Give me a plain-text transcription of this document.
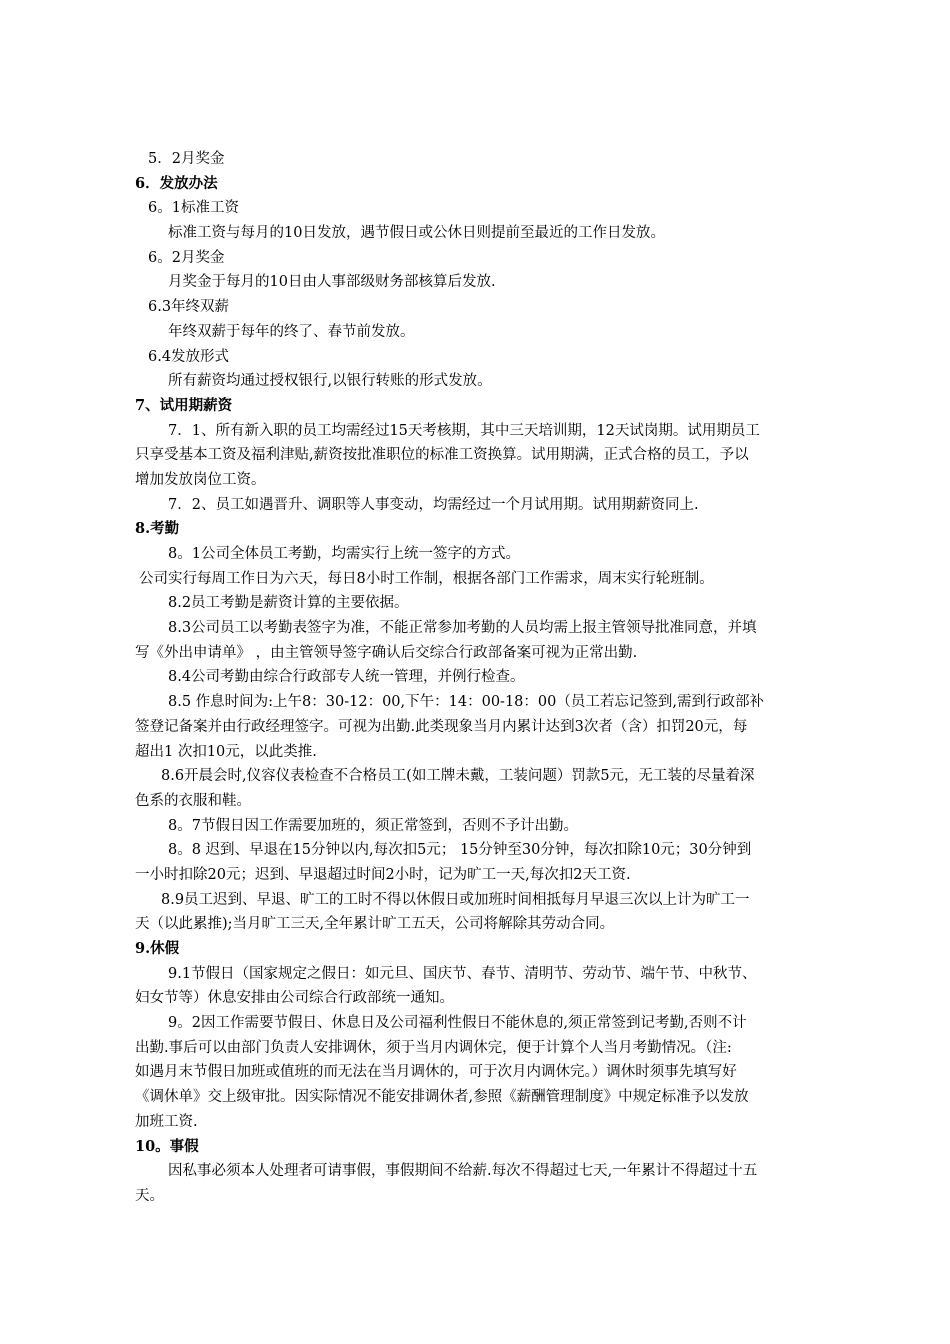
5．2月奖金
6．发放办法
6。1标准工资
标准工资与每月的10日发放，遇节假日或公休日则提前至最近的工作日发放。
6。2月奖金
月奖金于每月的10日由人事部级财务部核算后发放.
6.3年终双薪
年终双薪于每年的终了、春节前发放。
6.4发放形式
所有薪资均通过授权银行,以银行转账的形式发放。
7、试用期薪资
7．1、所有新入职的员工均需经过15天考核期，其中三天培训期，12天试岗期。试用期员工
只享受基本工资及福利津贴,薪资按批准职位的标准工资换算。试用期满，正式合格的员工，予以
增加发放岗位工资。
7．2、员工如遇晋升、调职等人事变动，均需经过一个月试用期。试用期薪资同上.
8.考勤
8。1公司全体员工考勤，均需实行上统一签字的方式。
公司实行每周工作日为六天，每日8小时工作制，根据各部门工作需求，周末实行轮班制。
8.2员工考勤是薪资计算的主要依据。
8.3公司员工以考勤表签字为准，不能正常参加考勤的人员均需上报主管领导批准同意，并填
写《外出申请单》 ，由主管领导签字确认后交综合行政部备案可视为正常出勤.
8.4公司考勤由综合行政部专人统一管理，并例行检查。
8.5 作息时间为:上午8：30-12：00,下午：14：00-18：00（员工若忘记签到,需到行政部补
签登记备案并由行政经理签字。可视为出勤.此类现象当月内累计达到3次者（含）扣罚20元，每
超出1 次扣10元，以此类推.
8.6开晨会时,仪容仪表检查不合格员工(如工牌未戴，工装问题）罚款5元，无工装的尽量着深
色系的衣服和鞋。
8。7节假日因工作需要加班的，须正常签到，否则不予计出勤。
8。8 迟到、早退在15分钟以内,每次扣5元； 15分钟至30分钟，每次扣除10元；30分钟到
一小时扣除20元；迟到、早退超过时间2小时，记为旷工一天,每次扣2天工资.
8.9员工迟到、早退、旷工的工时不得以休假日或加班时间相抵每月早退三次以上计为旷工一
天（以此累推);当月旷工三天,全年累计旷工五天，公司将解除其劳动合同。
9.休假
9.1节假日（国家规定之假日：如元旦、国庆节、春节、清明节、劳动节、端午节、中秋节、
妇女节等）休息安排由公司综合行政部统一通知。
9。2因工作需要节假日、休息日及公司福利性假日不能休息的,须正常签到记考勤,否则不计
出勤.事后可以由部门负责人安排调休，须于当月内调休完，便于计算个人当月考勤情况。（注:
如遇月末节假日加班或值班的而无法在当月调休的，可于次月内调休完。）调休时须事先填写好
《调休单》交上级审批。因实际情况不能安排调休者,参照《薪酬管理制度》中规定标准予以发放
加班工资.
10。事假
因私事必须本人处理者可请事假，事假期间不给薪.每次不得超过七天,一年累计不得超过十五
天。
